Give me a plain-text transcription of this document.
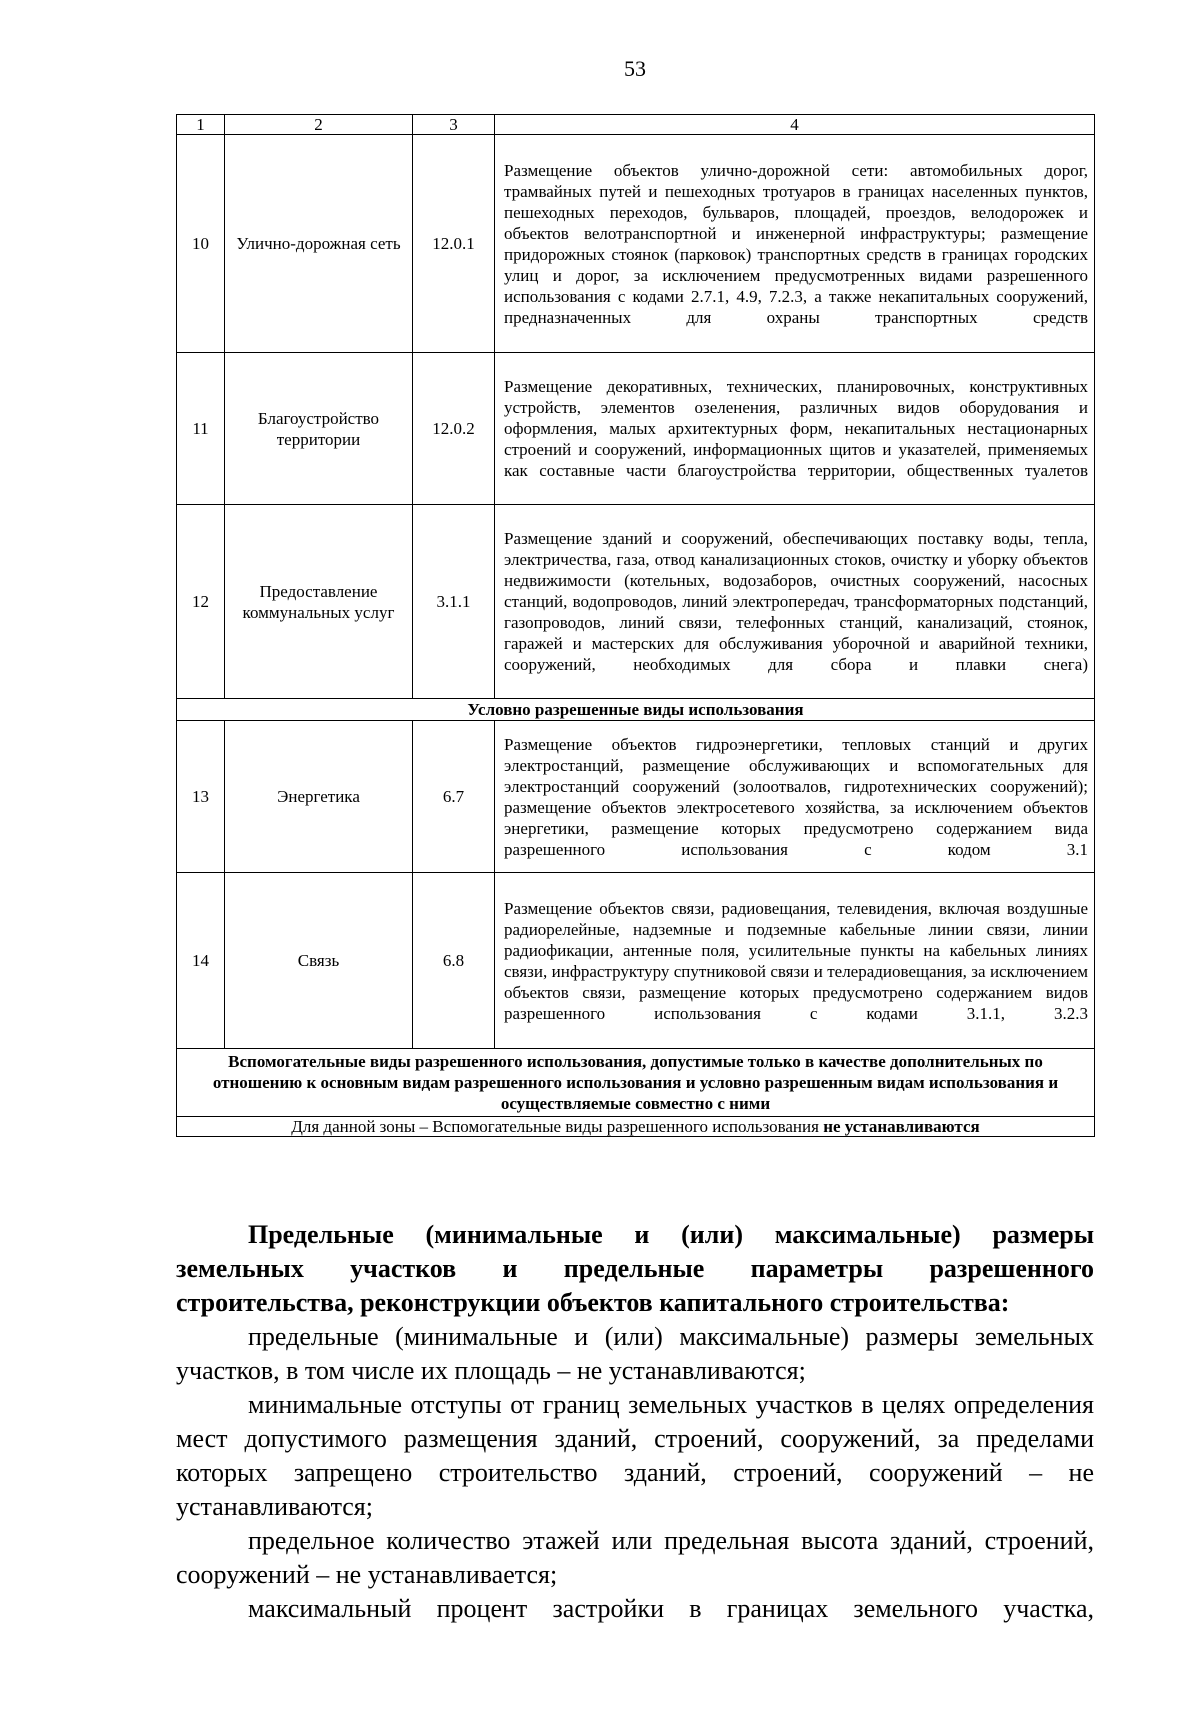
53
1	2	3	4
10	Улично-дорожная сеть	12.0.1	Размещение объектов улично-дорожной сети: автомобильных дорог, трамвайных путей и пешеходных тротуаров в границах населенных пунктов, пешеходных переходов, бульваров, площадей, проездов, велодорожек и объектов велотранспортной и инженерной инфраструктуры; размещение придорожных стоянок (парковок) транспортных средств в границах городских улиц и дорог, за исключением предусмотренных видами разрешенного использования с кодами 2.7.1, 4.9, 7.2.3, а также некапитальных сооружений, предназначенных для охраны транспортных средств
11	Благоустройство территории	12.0.2	Размещение декоративных, технических, планировочных, конструктивных устройств, элементов озеленения, различных видов оборудования и оформления, малых архитектурных форм, некапитальных нестационарных строений и сооружений, информационных щитов и указателей, применяемых как составные части благоустройства территории, общественных туалетов
12	Предоставление коммунальных услуг	3.1.1	Размещение зданий и сооружений, обеспечивающих поставку воды, тепла, электричества, газа, отвод канализационных стоков, очистку и уборку объектов недвижимости (котельных, водозаборов, очистных сооружений, насосных станций, водопроводов, линий электропередач, трансформаторных подстанций, газопроводов, линий связи, телефонных станций, канализаций, стоянок, гаражей и мастерских для обслуживания уборочной и аварийной техники, сооружений, необходимых для сбора и плавки снега)
Условно разрешенные виды использования			
13	Энергетика	6.7	Размещение объектов гидроэнергетики, тепловых станций и других электростанций, размещение обслуживающих и вспомогательных для электростанций сооружений (золоотвалов, гидротехнических сооружений); размещение объектов электросетевого хозяйства, за исключением объектов энергетики, размещение которых предусмотрено содержанием вида разрешенного использования с кодом 3.1
14	Связь	6.8	Размещение объектов связи, радиовещания, телевидения, включая воздушные радиорелейные, надземные и подземные кабельные линии связи, линии радиофикации, антенные поля, усилительные пункты на кабельных линиях связи, инфраструктуру спутниковой связи и телерадиовещания, за исключением объектов связи, размещение которых предусмотрено содержанием видов разрешенного использования с кодами 3.1.1, 3.2.3
Вспомогательные виды разрешенного использования, допустимые только в качестве дополнительных по отношению к основным видам разрешенного использования и условно разрешенным видам использования и осуществляемые совместно с ними			
Для данной зоны – Вспомогательные виды разрешенного использования не устанавливаются			

Предельные (минимальные и (или) максимальные) размеры
земельных участков и предельные параметры разрешенного
строительства, реконструкции объектов капитального строительства:

предельные (минимальные и (или) максимальные) размеры земельных участков, в том числе их площадь – не устанавливаются;

минимальные отступы от границ земельных участков в целях определения мест допустимого размещения зданий, строений, сооружений, за пределами которых запрещено строительство зданий, строений, сооружений – не устанавливаются;

предельное количество этажей или предельная высота зданий, строений, сооружений – не устанавливается;

максимальный процент застройки в границах земельного участка,
